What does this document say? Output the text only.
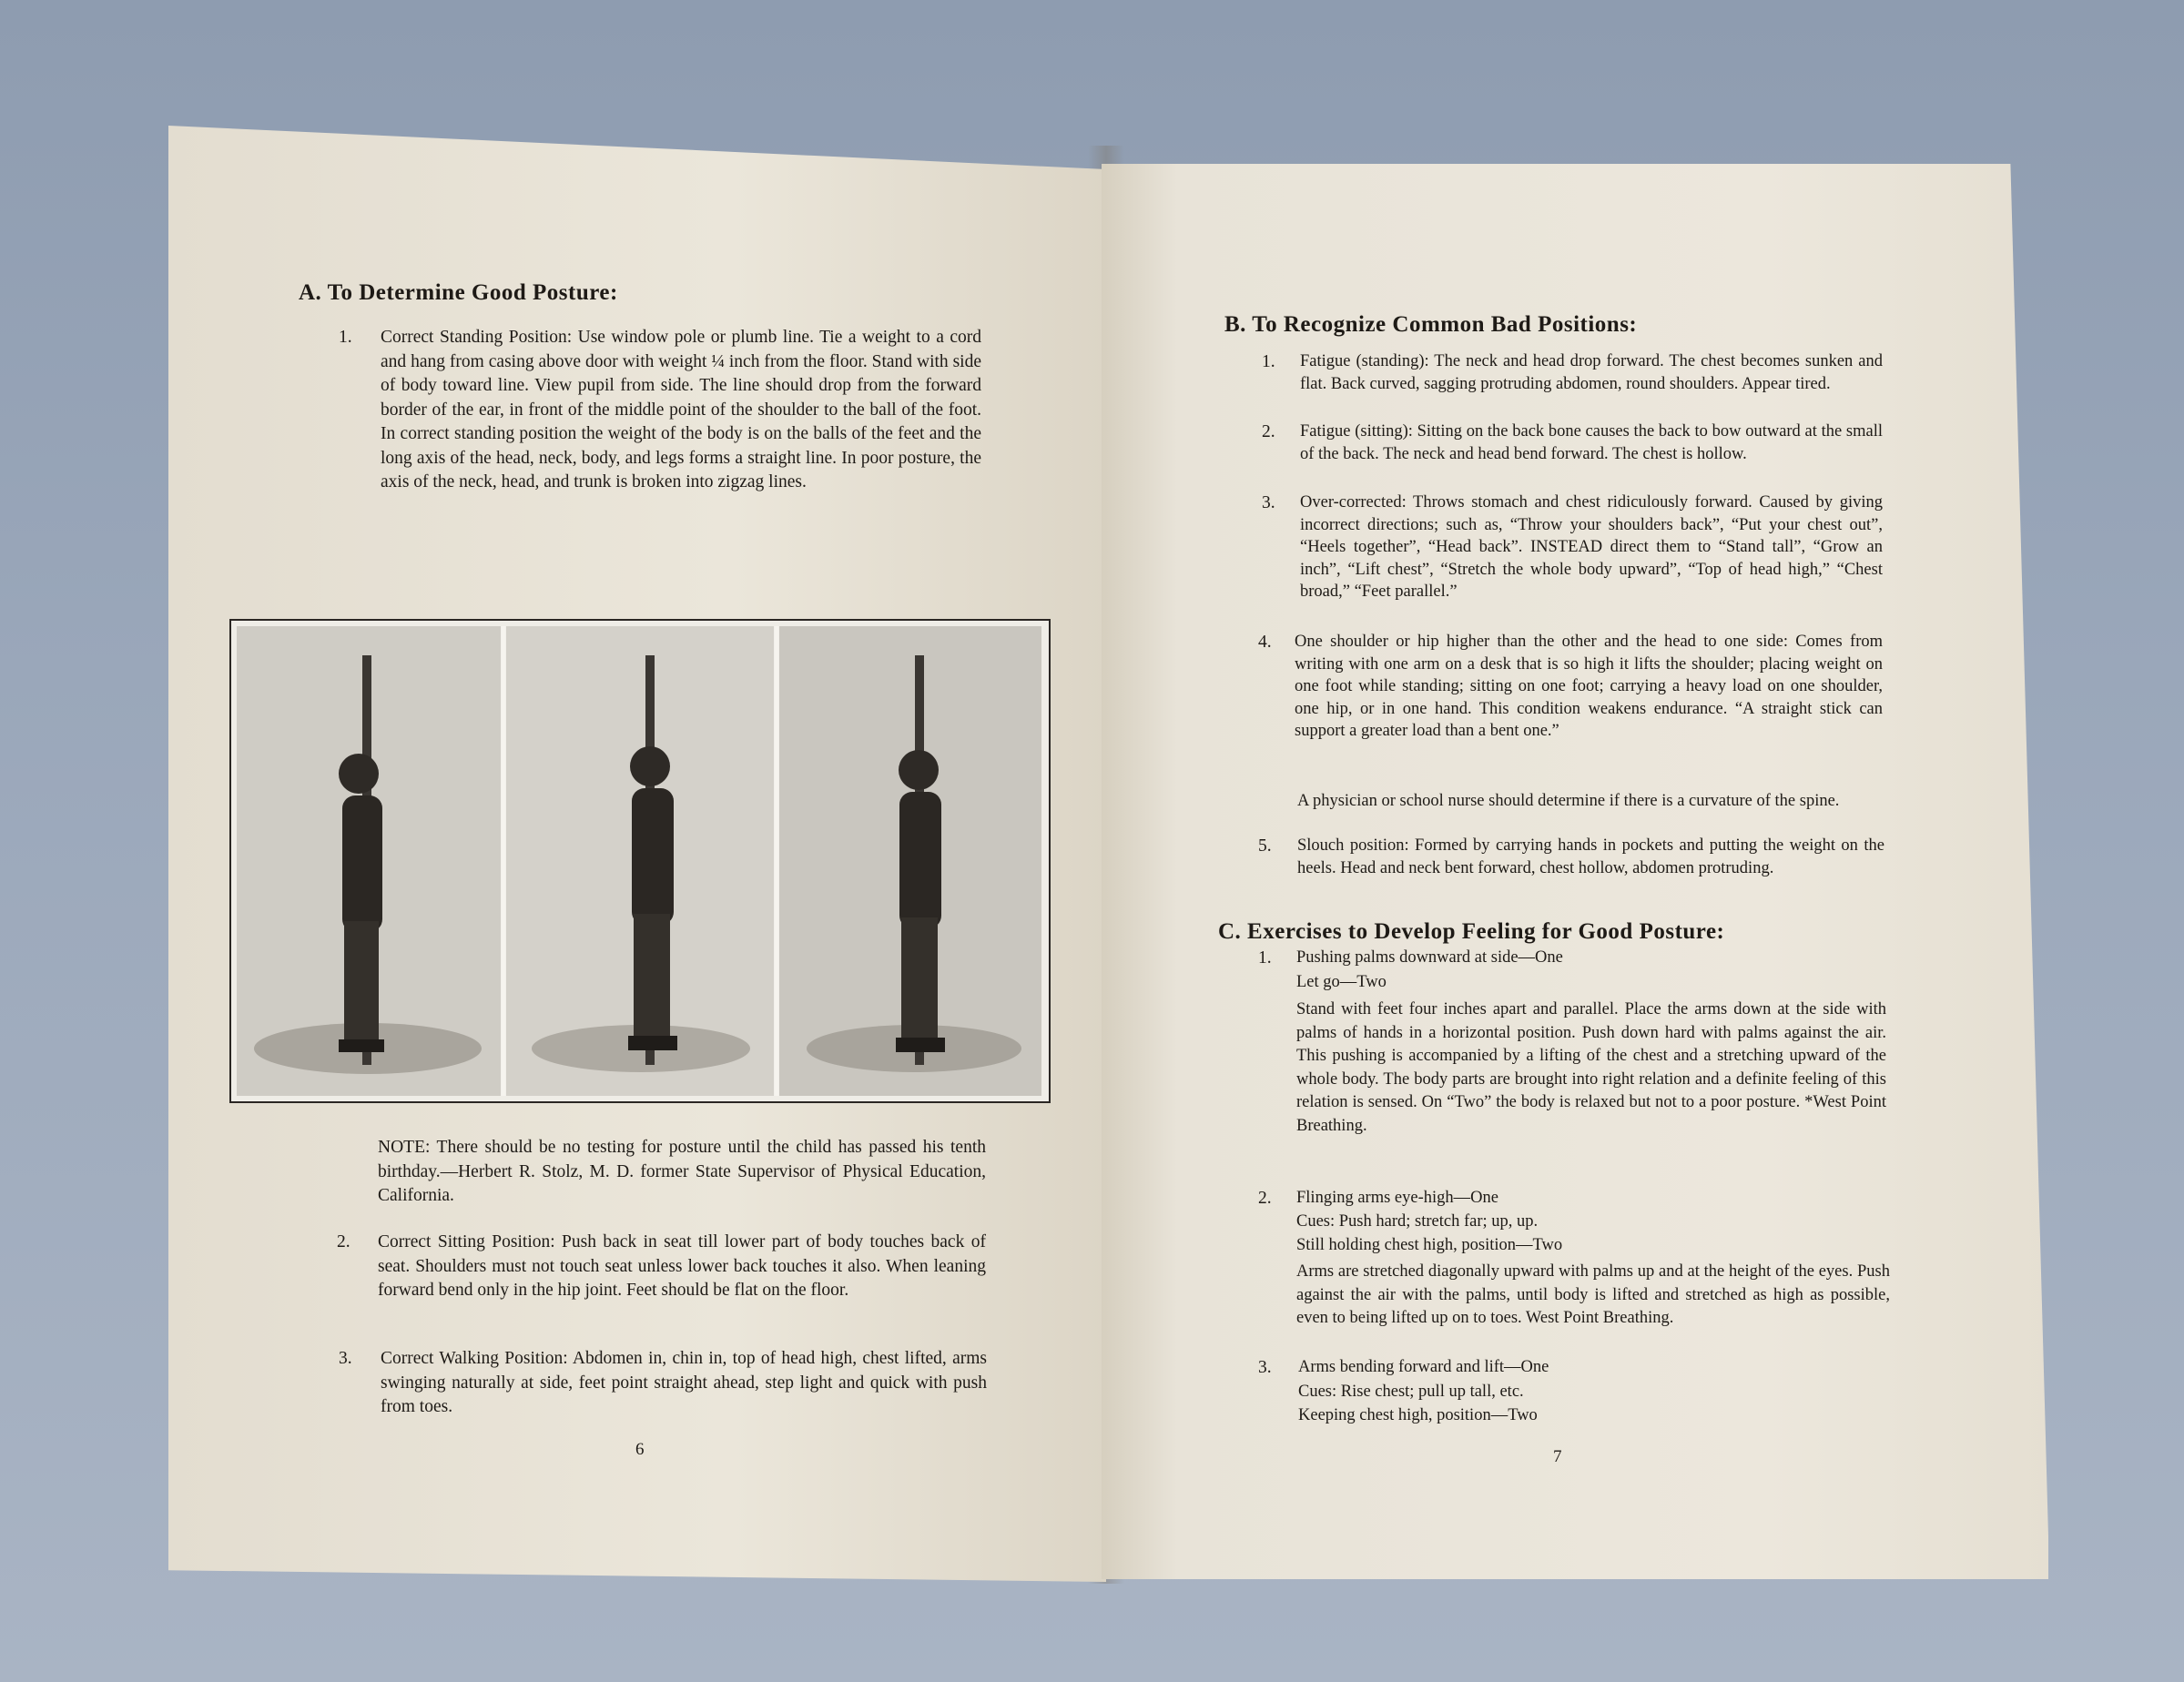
A. To Determine Good Posture:
1. Correct Standing Position: Use window pole or plumb line. Tie a weight to a cord and hang from casing above door with weight ¼ inch from the floor. Stand with side of body toward line. View pupil from side. The line should drop from the forward border of the ear, in front of the middle point of the shoulder to the ball of the foot. In correct standing position the weight of the body is on the balls of the feet and the long axis of the head, neck, body, and legs forms a straight line. In poor posture, the axis of the neck, head, and trunk is broken into zigzag lines.
NOTE: There should be no testing for posture until the child has passed his tenth birthday.—Herbert R. Stolz, M. D. former State Supervisor of Physical Education, California.
2. Correct Sitting Position: Push back in seat till lower part of body touches back of seat. Shoulders must not touch seat unless lower back touches it also. When leaning forward bend only in the hip joint. Feet should be flat on the floor.
3. Correct Walking Position: Abdomen in, chin in, top of head high, chest lifted, arms swinging naturally at side, feet point straight ahead, step light and quick with push from toes.
6
B. To Recognize Common Bad Positions:
1. Fatigue (standing): The neck and head drop forward. The chest becomes sunken and flat. Back curved, sagging protruding abdomen, round shoulders. Appear tired.
2. Fatigue (sitting): Sitting on the back bone causes the back to bow outward at the small of the back. The neck and head bend forward. The chest is hollow.
3. Over-corrected: Throws stomach and chest ridiculously forward. Caused by giving incorrect directions; such as, “Throw your shoulders back”, “Put your chest out”, “Heels together”, “Head back”. INSTEAD direct them to “Stand tall”, “Grow an inch”, “Lift chest”, “Stretch the whole body upward”, “Top of head high,” “Chest broad,” “Feet parallel.”
4. One shoulder or hip higher than the other and the head to one side: Comes from writing with one arm on a desk that is so high it lifts the shoulder; placing weight on one foot while standing; sitting on one foot; carrying a heavy load on one shoulder, one hip, or in one hand. This condition weakens endurance. “A straight stick can support a greater load than a bent one.”
A physician or school nurse should determine if there is a curvature of the spine.
5. Slouch position: Formed by carrying hands in pockets and putting the weight on the heels. Head and neck bent forward, chest hollow, abdomen protruding.
C. Exercises to Develop Feeling for Good Posture:
1. Pushing palms downward at side—One
Let go—Two
Stand with feet four inches apart and parallel. Place the arms down at the side with palms of hands in a horizontal position. Push down hard with palms against the air. This pushing is accompanied by a lifting of the chest and a stretching upward of the whole body. The body parts are brought into right relation and a definite feeling of this relation is sensed. On “Two” the body is relaxed but not to a poor posture. *West Point Breathing.
2. Flinging arms eye-high—One
Cues: Push hard; stretch far; up, up.
Still holding chest high, position—Two
Arms are stretched diagonally upward with palms up and at the height of the eyes. Push against the air with the palms, until body is lifted and stretched as high as possible, even to being lifted up on to toes. West Point Breathing.
3. Arms bending forward and lift—One
Cues: Rise chest; pull up tall, etc.
Keeping chest high, position—Two
7
